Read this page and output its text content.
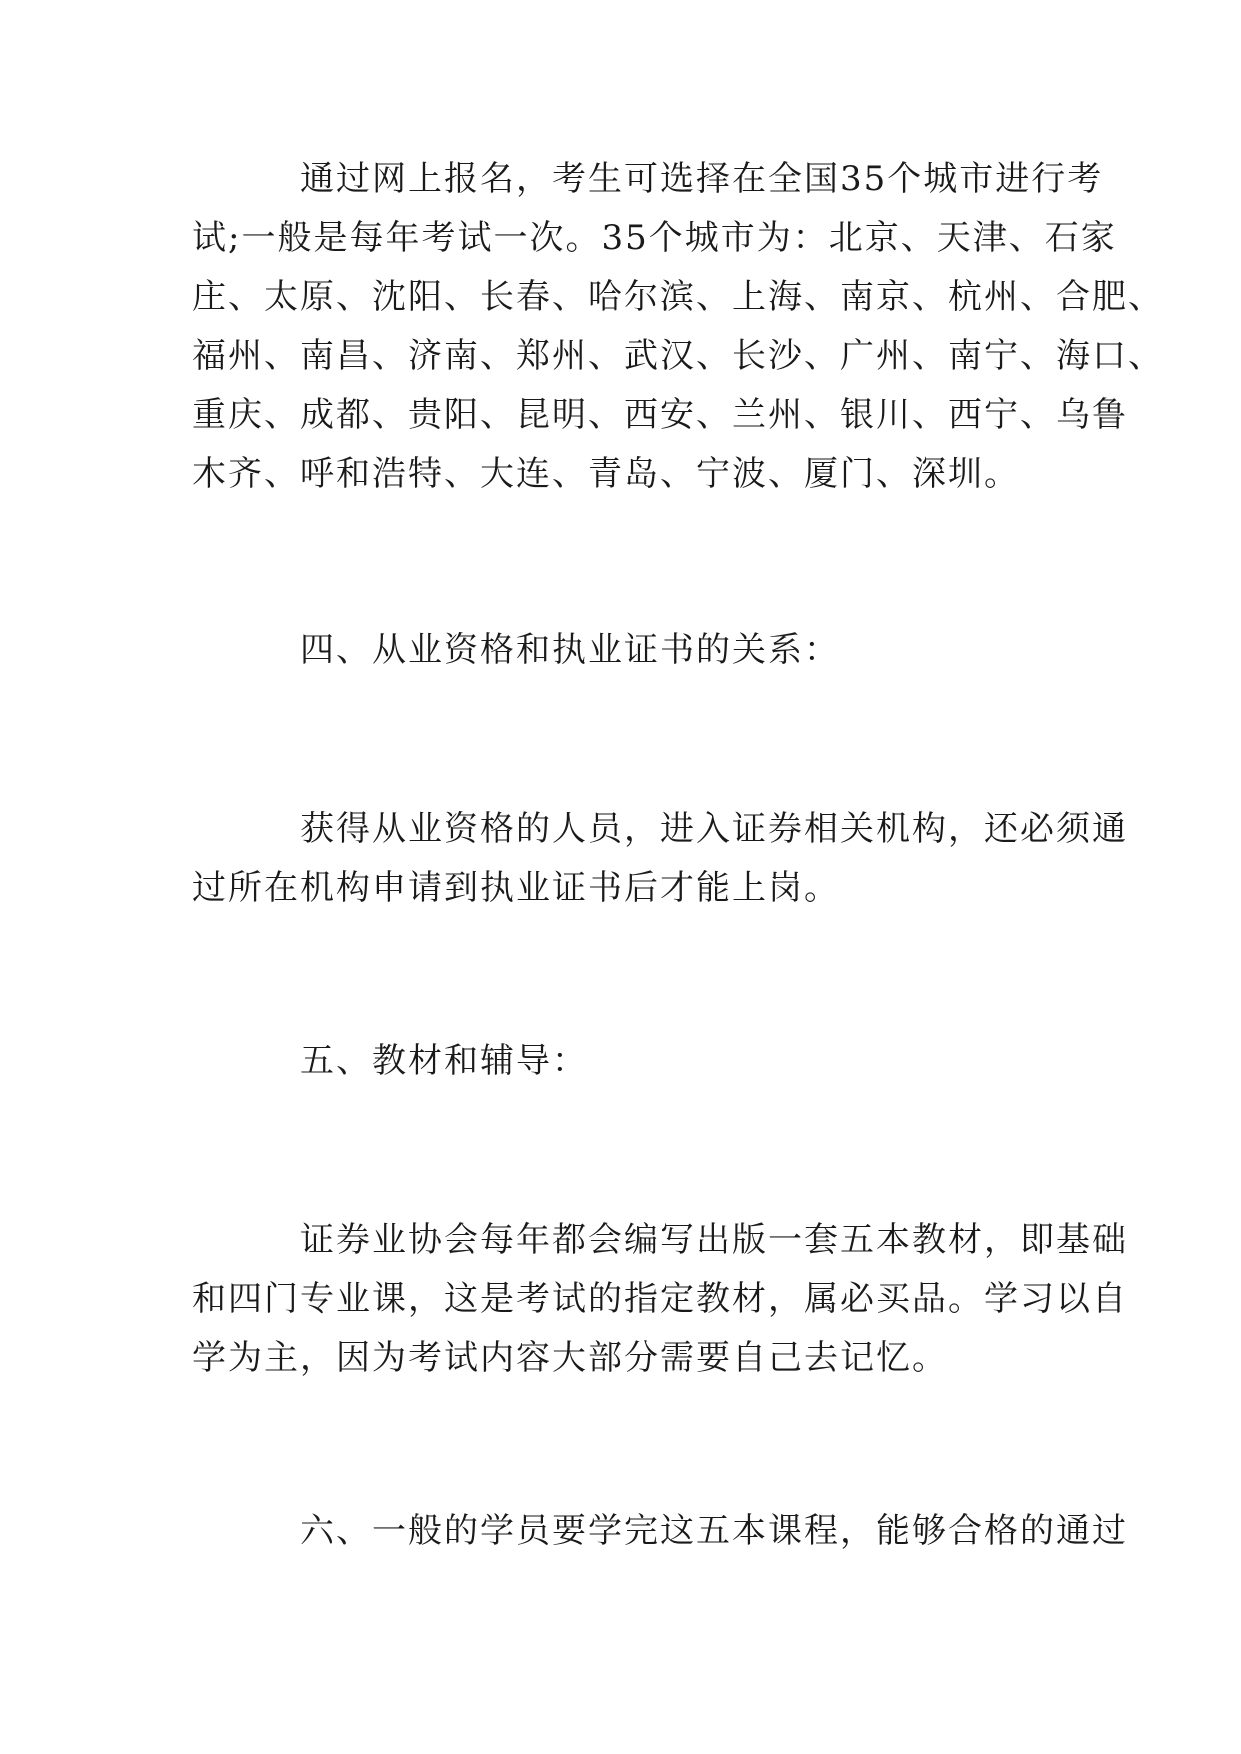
通过网上报名，考生可选择在全国35个城市进行考
试;一般是每年考试一次。35个城市为：北京、天津、石家
庄、太原、沈阳、长春、哈尔滨、上海、南京、杭州、合肥、
福州、南昌、济南、郑州、武汉、长沙、广州、南宁、海口、
重庆、成都、贵阳、昆明、西安、兰州、银川、西宁、乌鲁
木齐、呼和浩特、大连、青岛、宁波、厦门、深圳。
四、从业资格和执业证书的关系：
获得从业资格的人员，进入证券相关机构，还必须通
过所在机构申请到执业证书后才能上岗。
五、教材和辅导：
证券业协会每年都会编写出版一套五本教材，即基础
和四门专业课，这是考试的指定教材，属必买品。学习以自
学为主，因为考试内容大部分需要自己去记忆。
六、一般的学员要学完这五本课程，能够合格的通过
